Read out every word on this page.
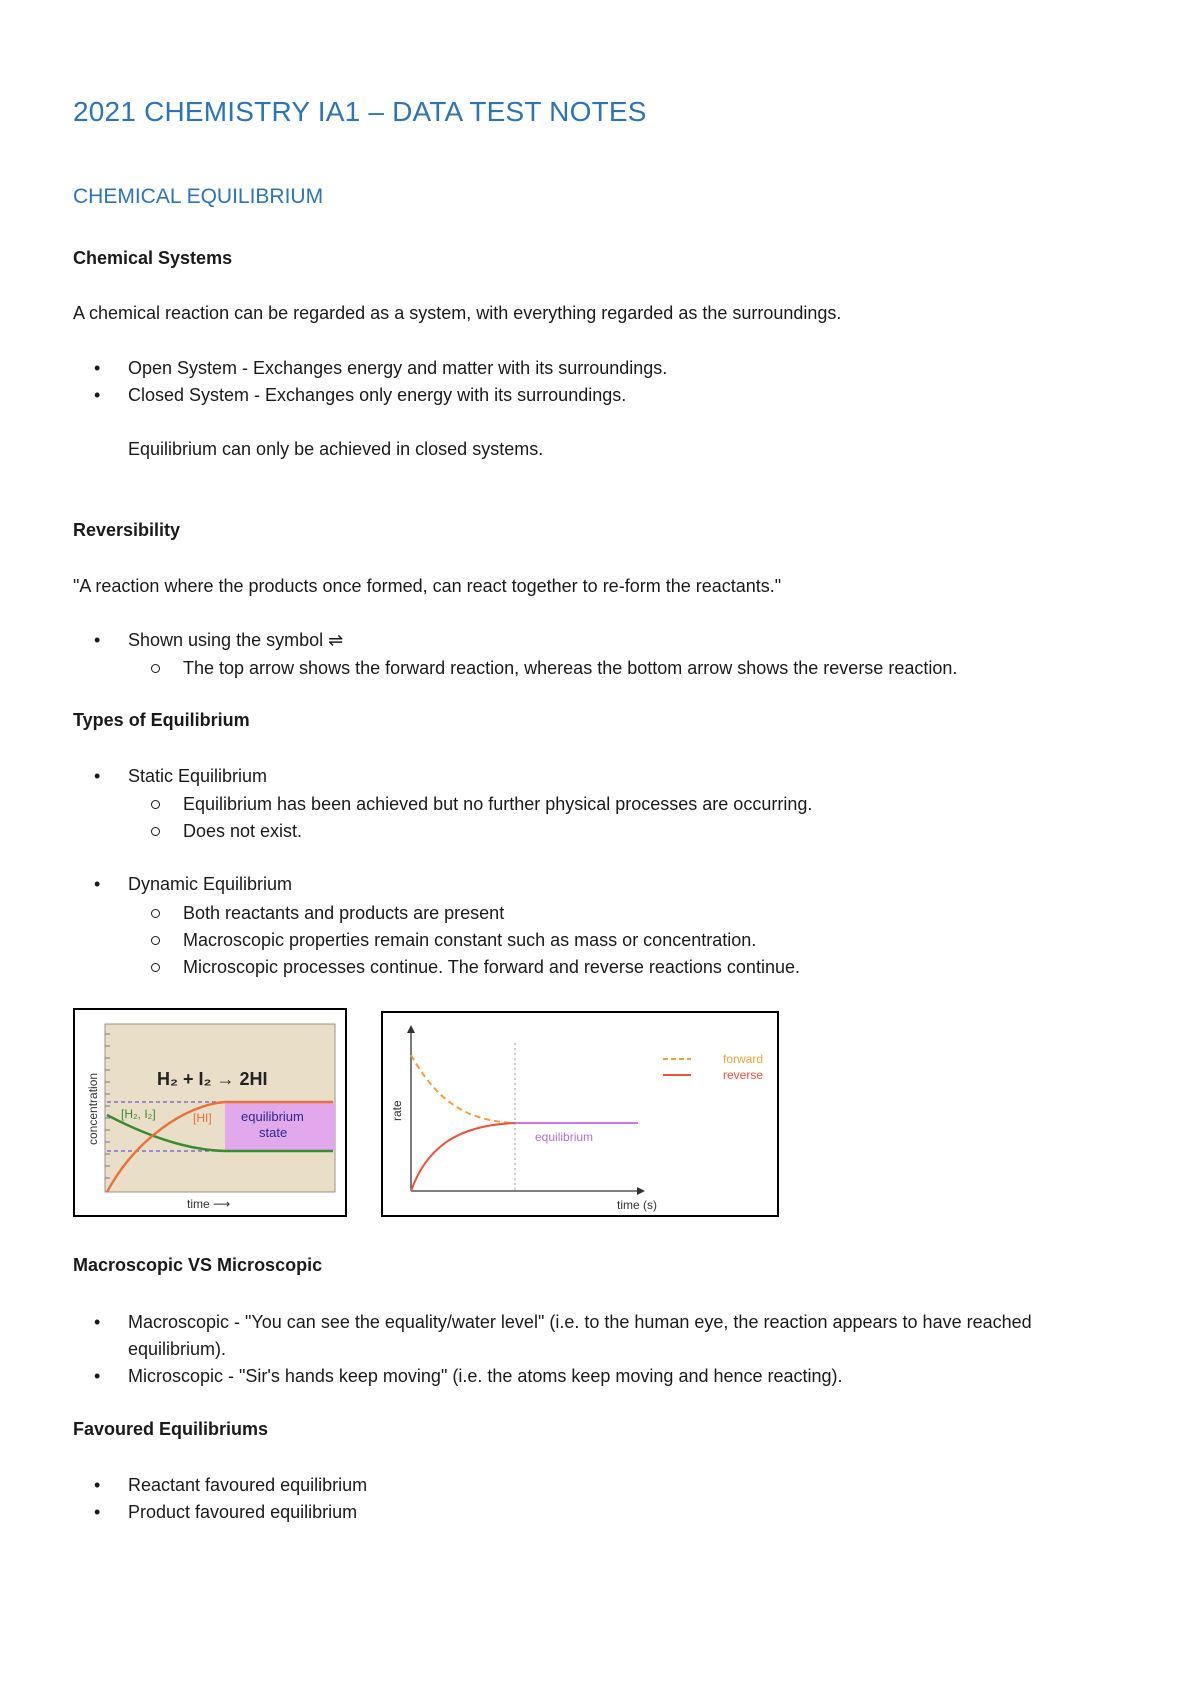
2021 CHEMISTRY IA1 – DATA TEST NOTES
CHEMICAL EQUILIBRIUM
Chemical Systems

A chemical reaction can be regarded as a system, with everything regarded as the surroundings.

• Open System - Exchanges energy and matter with its surroundings.

• Closed System - Exchanges only energy with its surroundings.

Equilibrium can only be achieved in closed systems.

Reversibility

"A reaction where the products once formed, can react together to re-form the reactants."

• Shown using the symbol ⇌

The top arrow shows the forward reaction, whereas the bottom arrow shows the reverse reaction.

Types of Equilibrium

• Static Equilibrium

Equilibrium has been achieved but no further physical processes are occurring.

Does not exist.

• Dynamic Equilibrium

Both reactants and products are present

Macroscopic properties remain constant such as mass or concentration.

Microscopic processes continue. The forward and reverse reactions continue.

H₂ + I₂ → 2HI
[H₂, I₂]	[HI] equilibrium
state
concentration
time ⟶
equilibrium
forward
reverse
rate
time (s)
Macroscopic VS Microscopic

• Macroscopic - "You can see the equality/water level" (i.e. to the human eye, the reaction appears to have reached equilibrium).

• Microscopic - "Sir's hands keep moving" (i.e. the atoms keep moving and hence reacting).

Favoured Equilibriums

• Reactant favoured equilibrium

• Product favoured equilibrium
